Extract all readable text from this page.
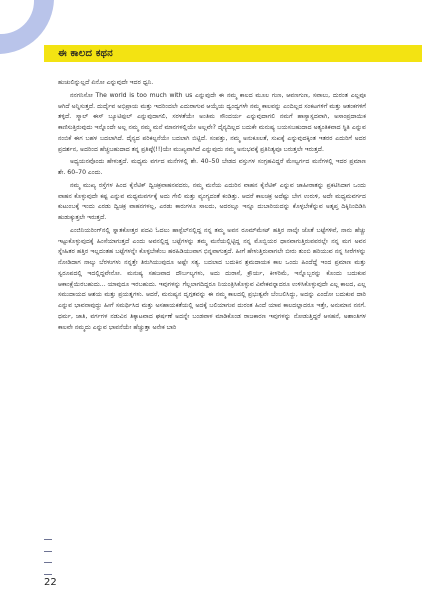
ಈ ಕಾಲದ ಕಥನ

ಹುಚುಲಿನ್ನುಲ್ಲದೆ ಏನೋ ಎನ್ನುವುದೇ ಇದರ ಧ್ವನಿ.

ನನಗನಿಸೋ The world is too much with us ಎನ್ನುವುದೇ ಈ ನಮ್ಮ ಕಾಲದ ಮೂಲ ಗುಣ, ಆವಣಗುಣ, ಸವಾಲು, ದುರಂತ ಎಲ್ಲವೂ ಆಗಿದೆ ಅನ್ನಿಸುತ್ತದೆ. ದುರ್ದೈವ ಅಭಿಪ್ರಾಯ ಮತ್ತು ಇದರಿಂದಲೇ ಎದುರಾಗುವ ಆಯ್ಕೆಯ ದ್ವಂದ್ವಗಳೇ ನಮ್ಮ ಕಾಲವನ್ನು ಎಂದಿಲ್ಲದ ಸಂಕಟಗಳಿಗೆ ಮತ್ತು ಆತಂಕಗಳಿಗೆ ತಳ್ಳಿದೆ. ಸ್ಮಾಲ್ ಈಸ್ ಬ್ಯೂಟಿಫುಲ್ ಎನ್ನುವುದಾಗಲಿ, ಸರಳತೆಯೇ ಅಂತಿಮ ಸೌಂದರ್ಯ ಎನ್ನುವುದಾಗಲಿ ನಮಗೆ ಹಾಸ್ಯಾಸ್ಪದವಾಗಿ, ಅಸಾಂಪ್ರದಾಯಿಕ ಕಾಣಿಸುತ್ತಿರುವುದು ಇನ್ನೊಂದೇ ಅಲ್ಲ ನಮ್ಮ ನಮ್ಮ ಮನೆ ಮಾನಗಳಲ್ಲಿಯೇ ಅಲ್ಲವೇ? ದೈನ್ಯದಿಲ್ಲದ ಬದುಕೇ ಮನುಷ್ಯ ಬಯಸಬಹುದಾದ ಅತ್ಯಂತಿಕವಾದ ಸ್ಥಿತಿ ಎನ್ನುವ ನಂಬಿಕೆ ಈಗ ಬಹಳ ಬದಲಾಗಿದೆ. ದೈನ್ಯದ ಪರಿಕಲ್ಪನೆಯೇ ಬದಲಾಗಿ ಬಿಟ್ಟಿದೆ. ಸಂಪತ್ತು, ನಮ್ಮ ಅನುಕೂಲತೆ, ಸುಖಕ್ಕೆ ಎನ್ನುವುದಕ್ಕಿಂತ ಇತರರ ಎದುರಿಗೆ ಅದರ ಪ್ರದರ್ಶನ, ಅದರಿಂದ ಹೆಚ್ಚಬಹುದಾದ ತನ್ನ ಪ್ರತಿಷ್ಠೆ(!!)ಯೇ ಮುಖ್ಯವಾಗಿದೆ ಎನ್ನುವುದು ನಮ್ಮ ಅನುಭವಕ್ಕೆ ಪ್ರತಿನಿತ್ಯವೂ ಬರುತ್ತಲೇ ಇರುತ್ತದೆ.

ಅಧ್ಯಯನವೊಂದು ಹೇಳುತ್ತದೆ. ಮಧ್ಯಮ ವರ್ಗದ ಮನೆಗಳಲ್ಲಿ ಶೇ. 40–50 ಬೇಡದ ವಸ್ತುಗಳ ಸಂಗ್ರಹವಿದ್ದರೆ ಮೇಲ್ವರ್ಗದ ಮನೆಗಳಲ್ಲಿ ಇದರ ಪ್ರಮಾಣ ಶೇ. 60–70 ಎಂದು.

ನಮ್ಮ ಮುಖ್ಯ ರಸ್ತೆಗಳ ಹಿಂದ ಕೈನೆಟಿಕ್ ದ್ವಿಚಕ್ರವಾಹನವದರು, ನಮ್ಮ ಮನೆಯ ಎದುರಿನ ವಾಹನ ಕೈನೆಟಿಕ್ ಎನ್ನುವ ಜಾಹೀರಾತನ್ನು ಪ್ರಕಟಿಸಿದಾಗ ಒಂದು ವಾಹನ ಕೊಳ್ಳುವುದೇ ಕಷ್ಟ ಎನ್ನುವ ಮಧ್ಯಮವರ್ಗಕ್ಕೆ ಅದು ಗೇಲಿ ಮತ್ತು ವ್ಯಂಗ್ಯದಂತೆ ಕಂಡಿತ್ತು. ಆದರೆ ಕಾಲಚಕ್ರ ಅದೆಷ್ಟು ಬೇಗ ಉರುಳಿ, ಅದೇ ಮಧ್ಯಮವರ್ಗದ ಕುಟುಂಬಕ್ಕೆ ಇಂದು ಎರಡು ದ್ವಿಚಕ್ರ ವಾಹನಗಳಲ್ಲ, ಎರಡು ಕಾರುಗಳೂ ಸಾಲದು, ಅದರಲ್ಲೂ ಇನ್ನೂ ದುಬಾರಿಯದನ್ನು ಕೊಳ್ಳಬೇಕೆನ್ನುವ ಅತೃಪ್ತ ದಿಕ್ಕಿನಿಂದಿಡಿಸಿ ಹುಡುಕ್ಕುತ್ತಲೇ ಇರುತ್ತದೆ.

ಎಂಜಿನಿಯರಿಂಗ್‌ನಲ್ಲಿ ಸ್ನಾತಕೋತ್ತರ ಪದವಿ ಓದಲು ಹಾಸ್ಟೆಲ್‌ನಲ್ಲಿದ್ದ ನನ್ನ ತಮ್ಮ ಅವನ ರೂಮ್‌ಮೇಟ್ ಹತ್ತಿರ ನಾಲ್ಕೇ ಜೊತೆ ಬಟ್ಟೆಗಳಿವೆ, ನಾನು ಹೆಚ್ಚು ಇಟ್ಟುಕೊಳ್ಳುವುದಕ್ಕೆ ಹಿಂಸೆಯಾಗುತ್ತದೆ ಎಂದು ಅವನಲ್ಲಿದ್ದ ಬಟ್ಟೆಗಳನ್ನು ತಮ್ಮ ಮನೆಯಲ್ಲಿಟ್ಟಿದ್ದ ನನ್ನ ಮೊಬ್ಬಿಯರ ಧಾನವಾಗುತ್ತಿರುವವರಲ್ಲೇ ನನ್ನ ಮಗ ಅವನ ಸ್ನೇಹಿತರ ಹತ್ತಿರ ಇಲ್ಲದಂತಹ ಬಟ್ಟೆಗಳನ್ನೇ ಕೊಳ್ಳಬೇಕೆಂಬ ಹಠಹಿಡಿಯುವಾಗ ಭಿನ್ನವಾಗುತ್ತದೆ. ಹೀಗೆ ಹೇಳುತ್ತಿರುವಾಗಲೇ ಬೀರು ತುಂಬಿ ಹರಿಯುವ ನನ್ನ ಸೀರೆಗಳನ್ನು ನೋಡಿದಾಗ ನಾಲ್ಕು ಬೆರಳುಗಳು ನನ್ನತ್ತೇ ತಿರುಗಿಯುವುದೂ ಅಷ್ಟೇ ಸತ್ಯ. ಬದಲಾದ ಬದುಕಿನ ಶ್ರಮದಾಯಕ ಕಾಲ ಒಂದು ಹಿಂದೆದ್ದೆ ಇಂದ ಪ್ರಮಾಣ ಮತ್ತು ಸ್ವರೂಪದಲ್ಲಿ ಇದಲ್ಲಿದ್ದವೇನೋ. ಮನುಷ್ಯ ಸಹಜವಾದ ದೌರ್ಬಲ್ಯಗಳು, ಅದು ದುರಾಸೆ, ಕ್ರೌರ್ಯ, ಕೀಳರಿಮೆ, ಇನ್ನೊಬ್ಬರನ್ನು ಕೊಂದು ಬದುಕುವ ಆಕಾಂಕ್ಷೆಯಿರಬಹುದು... ಯಾವುದೂ ಇರಬಹುದು. ಇವುಗಳನ್ನು ಗೆಲ್ಲಲಾಗದಿದ್ದರೂ ನಿಯಂತ್ರಿಸಿಕೊಳ್ಳುವ ವಿವೇಕವನ್ನಾದರೂ ಉಳಿಸಿಕೊಳ್ಳುವುದೇ ಎಲ್ಲ ಕಾಲದ, ಎಲ್ಲ ಸಮುದಾಯದ ಆಶಯ ಮತ್ತು ಪ್ರಯತ್ನಗಳು. ಆದರೆ, ಮನುಷ್ಯನ ದೃಗ್ಗತವನ್ನು ಈ ನಮ್ಮ ಕಾಲದಲ್ಲಿ ಪ್ರಭುತ್ವವೇ ಬೆಂಬಲಿಸಿದ್ದು, ಅದನ್ನು ಎಂದೋ ಬದುಕುವ ದಾರಿ ಎನ್ನುವ ಭಾವನಾವುದ್ದು ಹೀಗೆ ಸಮರ್ಥಿಸಿದ ಮತ್ತು ಅಸಹಾಯಕತೆಯಲ್ಲಿ ಅದಕ್ಕೆ ಬಲಿಯಾಗುವ ದುರಂತ ಹಿಂದೆ ಯಾವ ಕಾಲದಲ್ಲಾದರೂ ಇತ್ತೇ, ಅನುಮಾನ ನನಗೆ. ಧರ್ಮ, ಜಾತಿ, ವರ್ಗಗಳ ನಡುವಿನ ತಿಕ್ಕಾಟವಾದ ಘರ್ಷಣೆ ಅದನ್ನೇ ಬಂಡವಾಳ ಮಾಡಿಕೊಂಡ ರಾಜಕಾರಣ ಇವುಗಳನ್ನು ನೋಡುತ್ತಿದ್ದರೆ ಆಸಹನೆ, ಅಶಾಂತಿಗಳ ಕಾಲವೇ ನಮ್ಮದು ಎನ್ನುವ ಭಾವನೆಯೇ ಹೆಚ್ಚುತ್ತಾ ಅನೇಕ ಬಾರಿ

22
